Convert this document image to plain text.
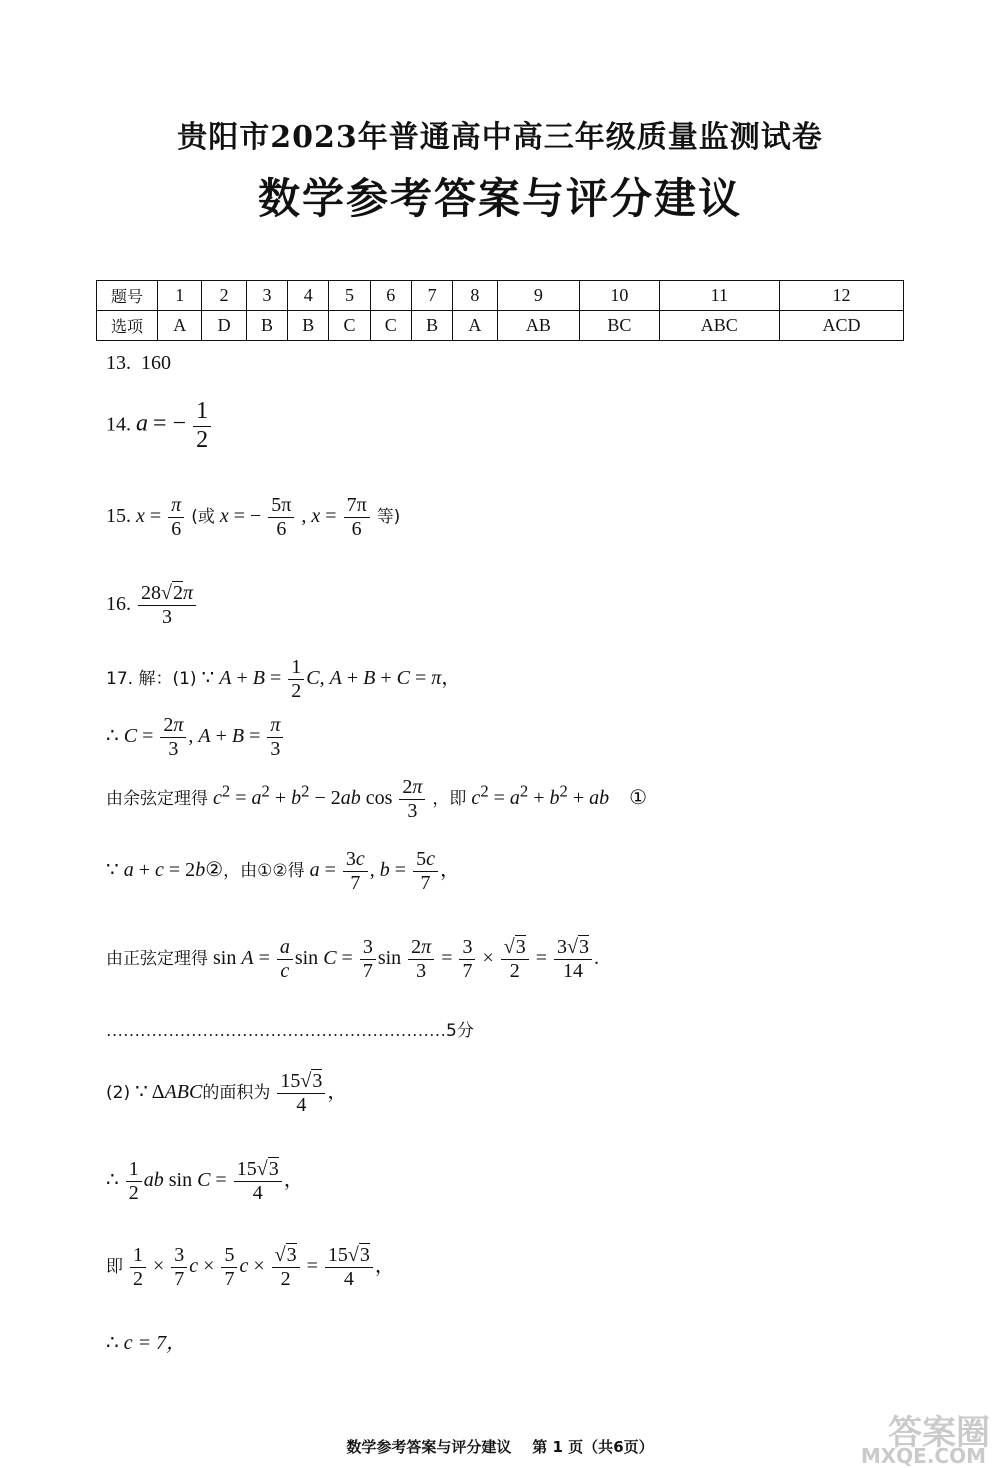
贵阳市2023年普通高中高三年级质量监测试卷
数学参考答案与评分建议
题号	1	2	3	4	5	6	7	8	9	10	11	12
选项	A	D	B	B	C	C	B	A	AB	BC	ABC	ACD
13. 160
14. a = − $\frac{1}{2}$
15. $x = \frac{\pi}{6}$ (或 x = − $\frac{5\pi}{6}$ , $x = \frac{7\pi}{6}$ 等)
16. $\frac{28√2\pi}{3}$
17. 解：(1) ∵ $A + B = \frac{1}{2} C$, A + B + C = π，
∴ $C = \frac{2\pi}{3}$ , $A + B = \frac{\pi}{3}$
由余弦定理得 $c^2 = a^2 + b^2 - 2ab$ $\cos \frac{2\pi}{3}$ ，即 $c^2 = a^2 + b^2$ + ab ①
∵ a + c = 2b②，由①②得 $a = \frac{3c}{7}$ , $b = \frac{5c}{7}$ ，
由正弦定理得 $\sin A = \frac{a}{c}$ $\sin C = \frac{3}{7}$ $\sin \frac{2\pi}{3} = \frac{3}{7} \times \frac{√3}{2} = \frac{3√3}{14}$ .
……………………………………………………5分
(2) ∵ ΔABC的面积为 $\frac{15√3}{4}$ ，
∴ $\frac{1}{2}$ ab $\sin C = \frac{15√3}{4}$ ，
即 $\frac{1}{2} \times \frac{3}{7}$ $c \times \frac{5}{7}$ $c \times \frac{√3}{2} = \frac{15√3}{4}$ ，
∴ c = 7，
数学参考答案与评分建议 第 1 页（共6页）	答案圈
MXQE.COM
